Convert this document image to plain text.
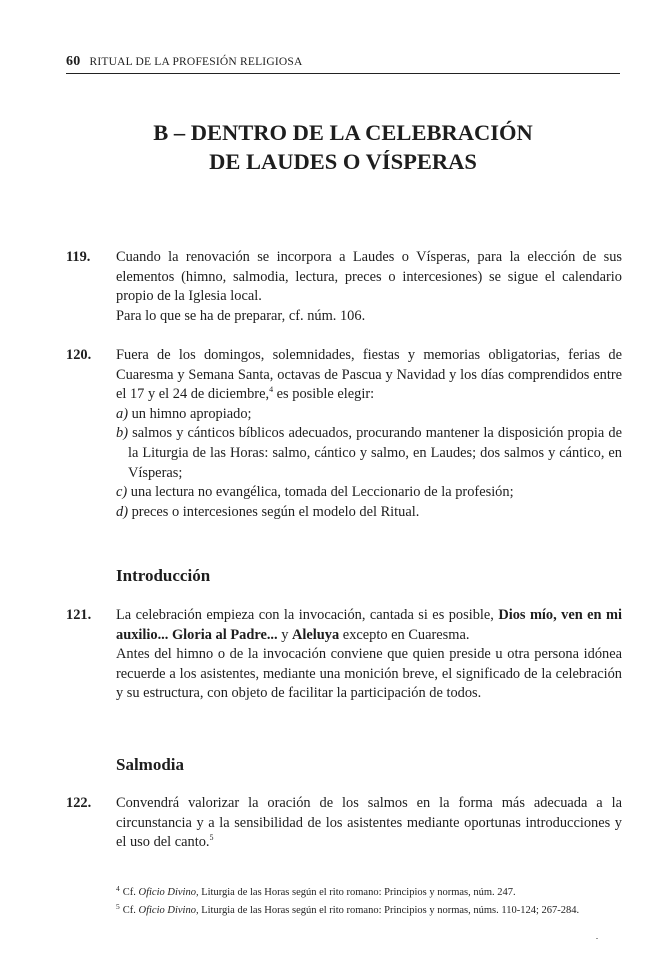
60 RITUAL DE LA PROFESIÓN RELIGIOSA
B – DENTRO DE LA CELEBRACIÓN
DE LAUDES O VÍSPERAS
119. Cuando la renovación se incorpora a Laudes o Vísperas, para la elección de sus elementos (himno, salmodia, lectura, preces o intercesiones) se sigue el calendario propio de la Iglesia local.

Para lo que se ha de preparar, cf. núm. 106.

120. Fuera de los domingos, solemnidades, fiestas y memorias obligatorias, ferias de Cuaresma y Semana Santa, octavas de Pascua y Navidad y los días comprendidos entre el 17 y el 24 de diciembre,$^4$ es posible elegir:

a) un himno apropiado;

b) salmos y cánticos bíblicos adecuados, procurando mantener la disposición propia de la Liturgia de las Horas: salmo, cántico y salmo, en Laudes; dos salmos y cántico, en Vísperas;

c) una lectura no evangélica, tomada del Leccionario de la profesión;

d) preces o intercesiones según el modelo del Ritual.

Introducción
121. La celebración empieza con la invocación, cantada si es posible, Dios mío, ven en mi auxilio... Gloria al Padre... y Aleluya excepto en Cuaresma.

Antes del himno o de la invocación conviene que quien preside u otra persona idónea recuerde a los asistentes, mediante una monición breve, el significado de la celebración y su estructura, con objeto de facilitar la participación de todos.

Salmodia
122. Convendrá valorizar la oración de los salmos en la forma más adecuada a la circunstancia y a la sensibilidad de los asistentes mediante oportunas introducciones y el uso del canto.$^5$

$^4$ Cf. Oficio Divino, Liturgia de las Horas según el rito romano: Principios y normas, núm. 247.

$^5$ Cf. Oficio Divino, Liturgia de las Horas según el rito romano: Principios y normas, núms. 110-124; 267-284.
